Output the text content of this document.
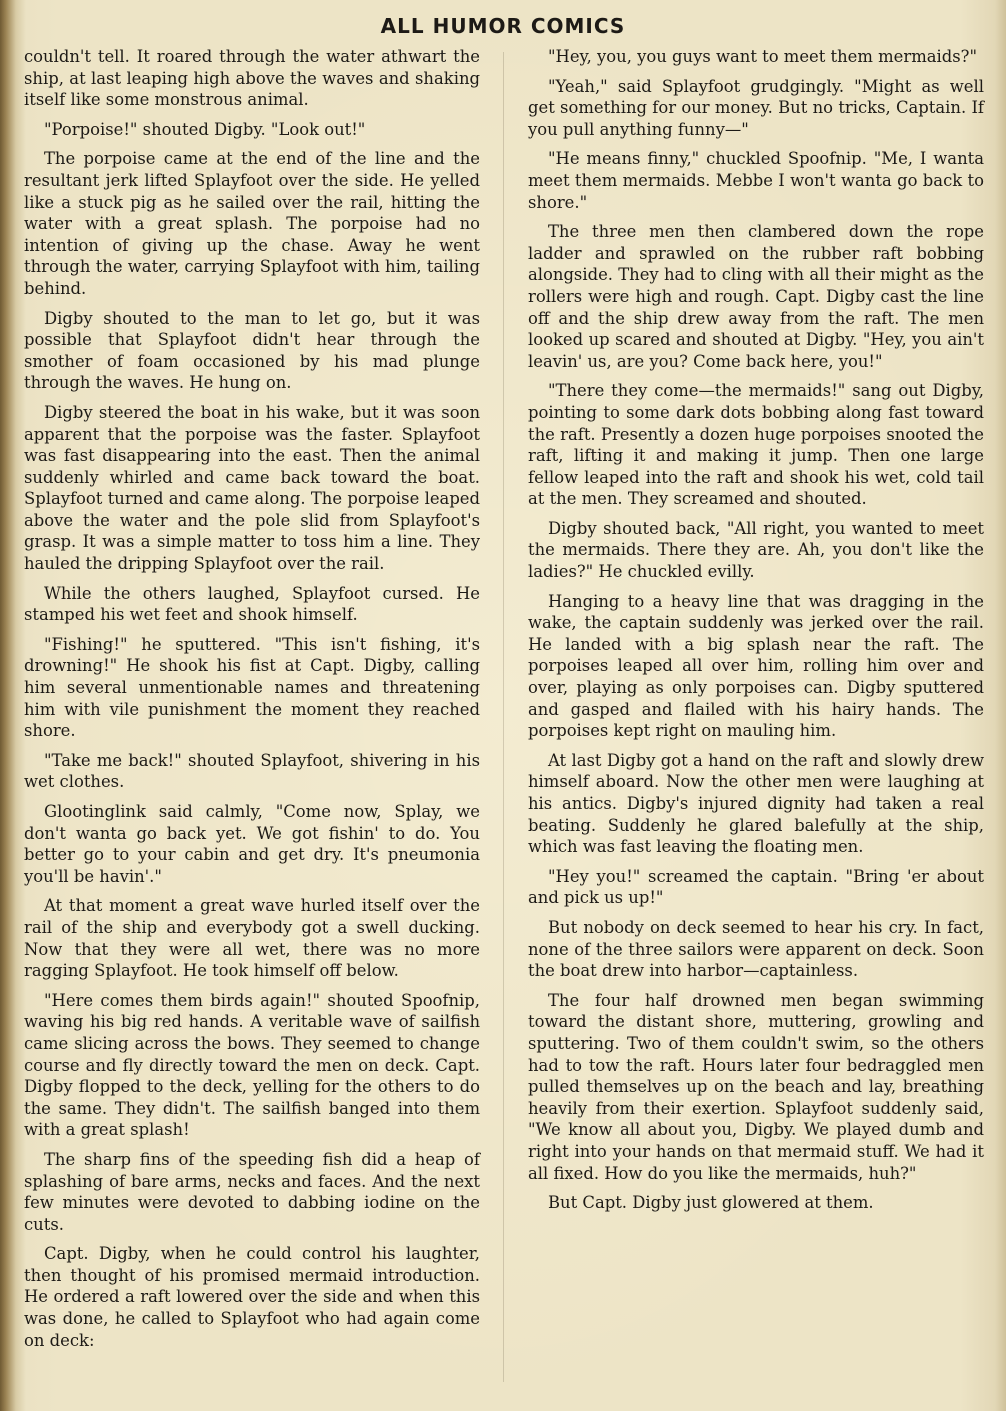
ALL HUMOR COMICS

couldn't tell. It roared through the water athwart the ship, at last leaping high above the waves and shaking itself like some monstrous animal.

"Porpoise!" shouted Digby. "Look out!"

The porpoise came at the end of the line and the resultant jerk lifted Splayfoot over the side. He yelled like a stuck pig as he sailed over the rail, hitting the water with a great splash. The porpoise had no intention of giving up the chase. Away he went through the water, carrying Splayfoot with him, tailing behind.

Digby shouted to the man to let go, but it was possible that Splayfoot didn't hear through the smother of foam occasioned by his mad plunge through the waves. He hung on.

Digby steered the boat in his wake, but it was soon apparent that the porpoise was the faster. Splayfoot was fast disappearing into the east. Then the animal suddenly whirled and came back toward the boat. Splayfoot turned and came along. The porpoise leaped above the water and the pole slid from Splayfoot's grasp. It was a simple matter to toss him a line. They hauled the dripping Splayfoot over the rail.

While the others laughed, Splayfoot cursed. He stamped his wet feet and shook himself.

"Fishing!" he sputtered. "This isn't fishing, it's drowning!" He shook his fist at Capt. Digby, calling him several unmentionable names and threatening him with vile punishment the moment they reached shore.

"Take me back!" shouted Splayfoot, shivering in his wet clothes.

Glootinglink said calmly, "Come now, Splay, we don't wanta go back yet. We got fishin' to do. You better go to your cabin and get dry. It's pneumonia you'll be havin'."

At that moment a great wave hurled itself over the rail of the ship and everybody got a swell ducking. Now that they were all wet, there was no more ragging Splayfoot. He took himself off below.

"Here comes them birds again!" shouted Spoofnip, waving his big red hands. A veritable wave of sailfish came slicing across the bows. They seemed to change course and fly directly toward the men on deck. Capt. Digby flopped to the deck, yelling for the others to do the same. They didn't. The sailfish banged into them with a great splash!

The sharp fins of the speeding fish did a heap of splashing of bare arms, necks and faces. And the next few minutes were devoted to dabbing iodine on the cuts.

Capt. Digby, when he could control his laughter, then thought of his promised mermaid introduction. He ordered a raft lowered over the side and when this was done, he called to Splayfoot who had again come on deck:

"Hey, you, you guys want to meet them mermaids?"

"Yeah," said Splayfoot grudgingly. "Might as well get something for our money. But no tricks, Captain. If you pull anything funny—"

"He means finny," chuckled Spoofnip. "Me, I wanta meet them mermaids. Mebbe I won't wanta go back to shore."

The three men then clambered down the rope ladder and sprawled on the rubber raft bobbing alongside. They had to cling with all their might as the rollers were high and rough. Capt. Digby cast the line off and the ship drew away from the raft. The men looked up scared and shouted at Digby. "Hey, you ain't leavin' us, are you? Come back here, you!"

"There they come—the mermaids!" sang out Digby, pointing to some dark dots bobbing along fast toward the raft. Presently a dozen huge porpoises snooted the raft, lifting it and making it jump. Then one large fellow leaped into the raft and shook his wet, cold tail at the men. They screamed and shouted.

Digby shouted back, "All right, you wanted to meet the mermaids. There they are. Ah, you don't like the ladies?" He chuckled evilly.

Hanging to a heavy line that was dragging in the wake, the captain suddenly was jerked over the rail. He landed with a big splash near the raft. The porpoises leaped all over him, rolling him over and over, playing as only porpoises can. Digby sputtered and gasped and flailed with his hairy hands. The porpoises kept right on mauling him.

At last Digby got a hand on the raft and slowly drew himself aboard. Now the other men were laughing at his antics. Digby's injured dignity had taken a real beating. Suddenly he glared balefully at the ship, which was fast leaving the floating men.

"Hey you!" screamed the captain. "Bring 'er about and pick us up!"

But nobody on deck seemed to hear his cry. In fact, none of the three sailors were apparent on deck. Soon the boat drew into harbor—captainless.

The four half drowned men began swimming toward the distant shore, muttering, growling and sputtering. Two of them couldn't swim, so the others had to tow the raft. Hours later four bedraggled men pulled themselves up on the beach and lay, breathing heavily from their exertion. Splayfoot suddenly said, "We know all about you, Digby. We played dumb and right into your hands on that mermaid stuff. We had it all fixed. How do you like the mermaids, huh?"

But Capt. Digby just glowered at them.
